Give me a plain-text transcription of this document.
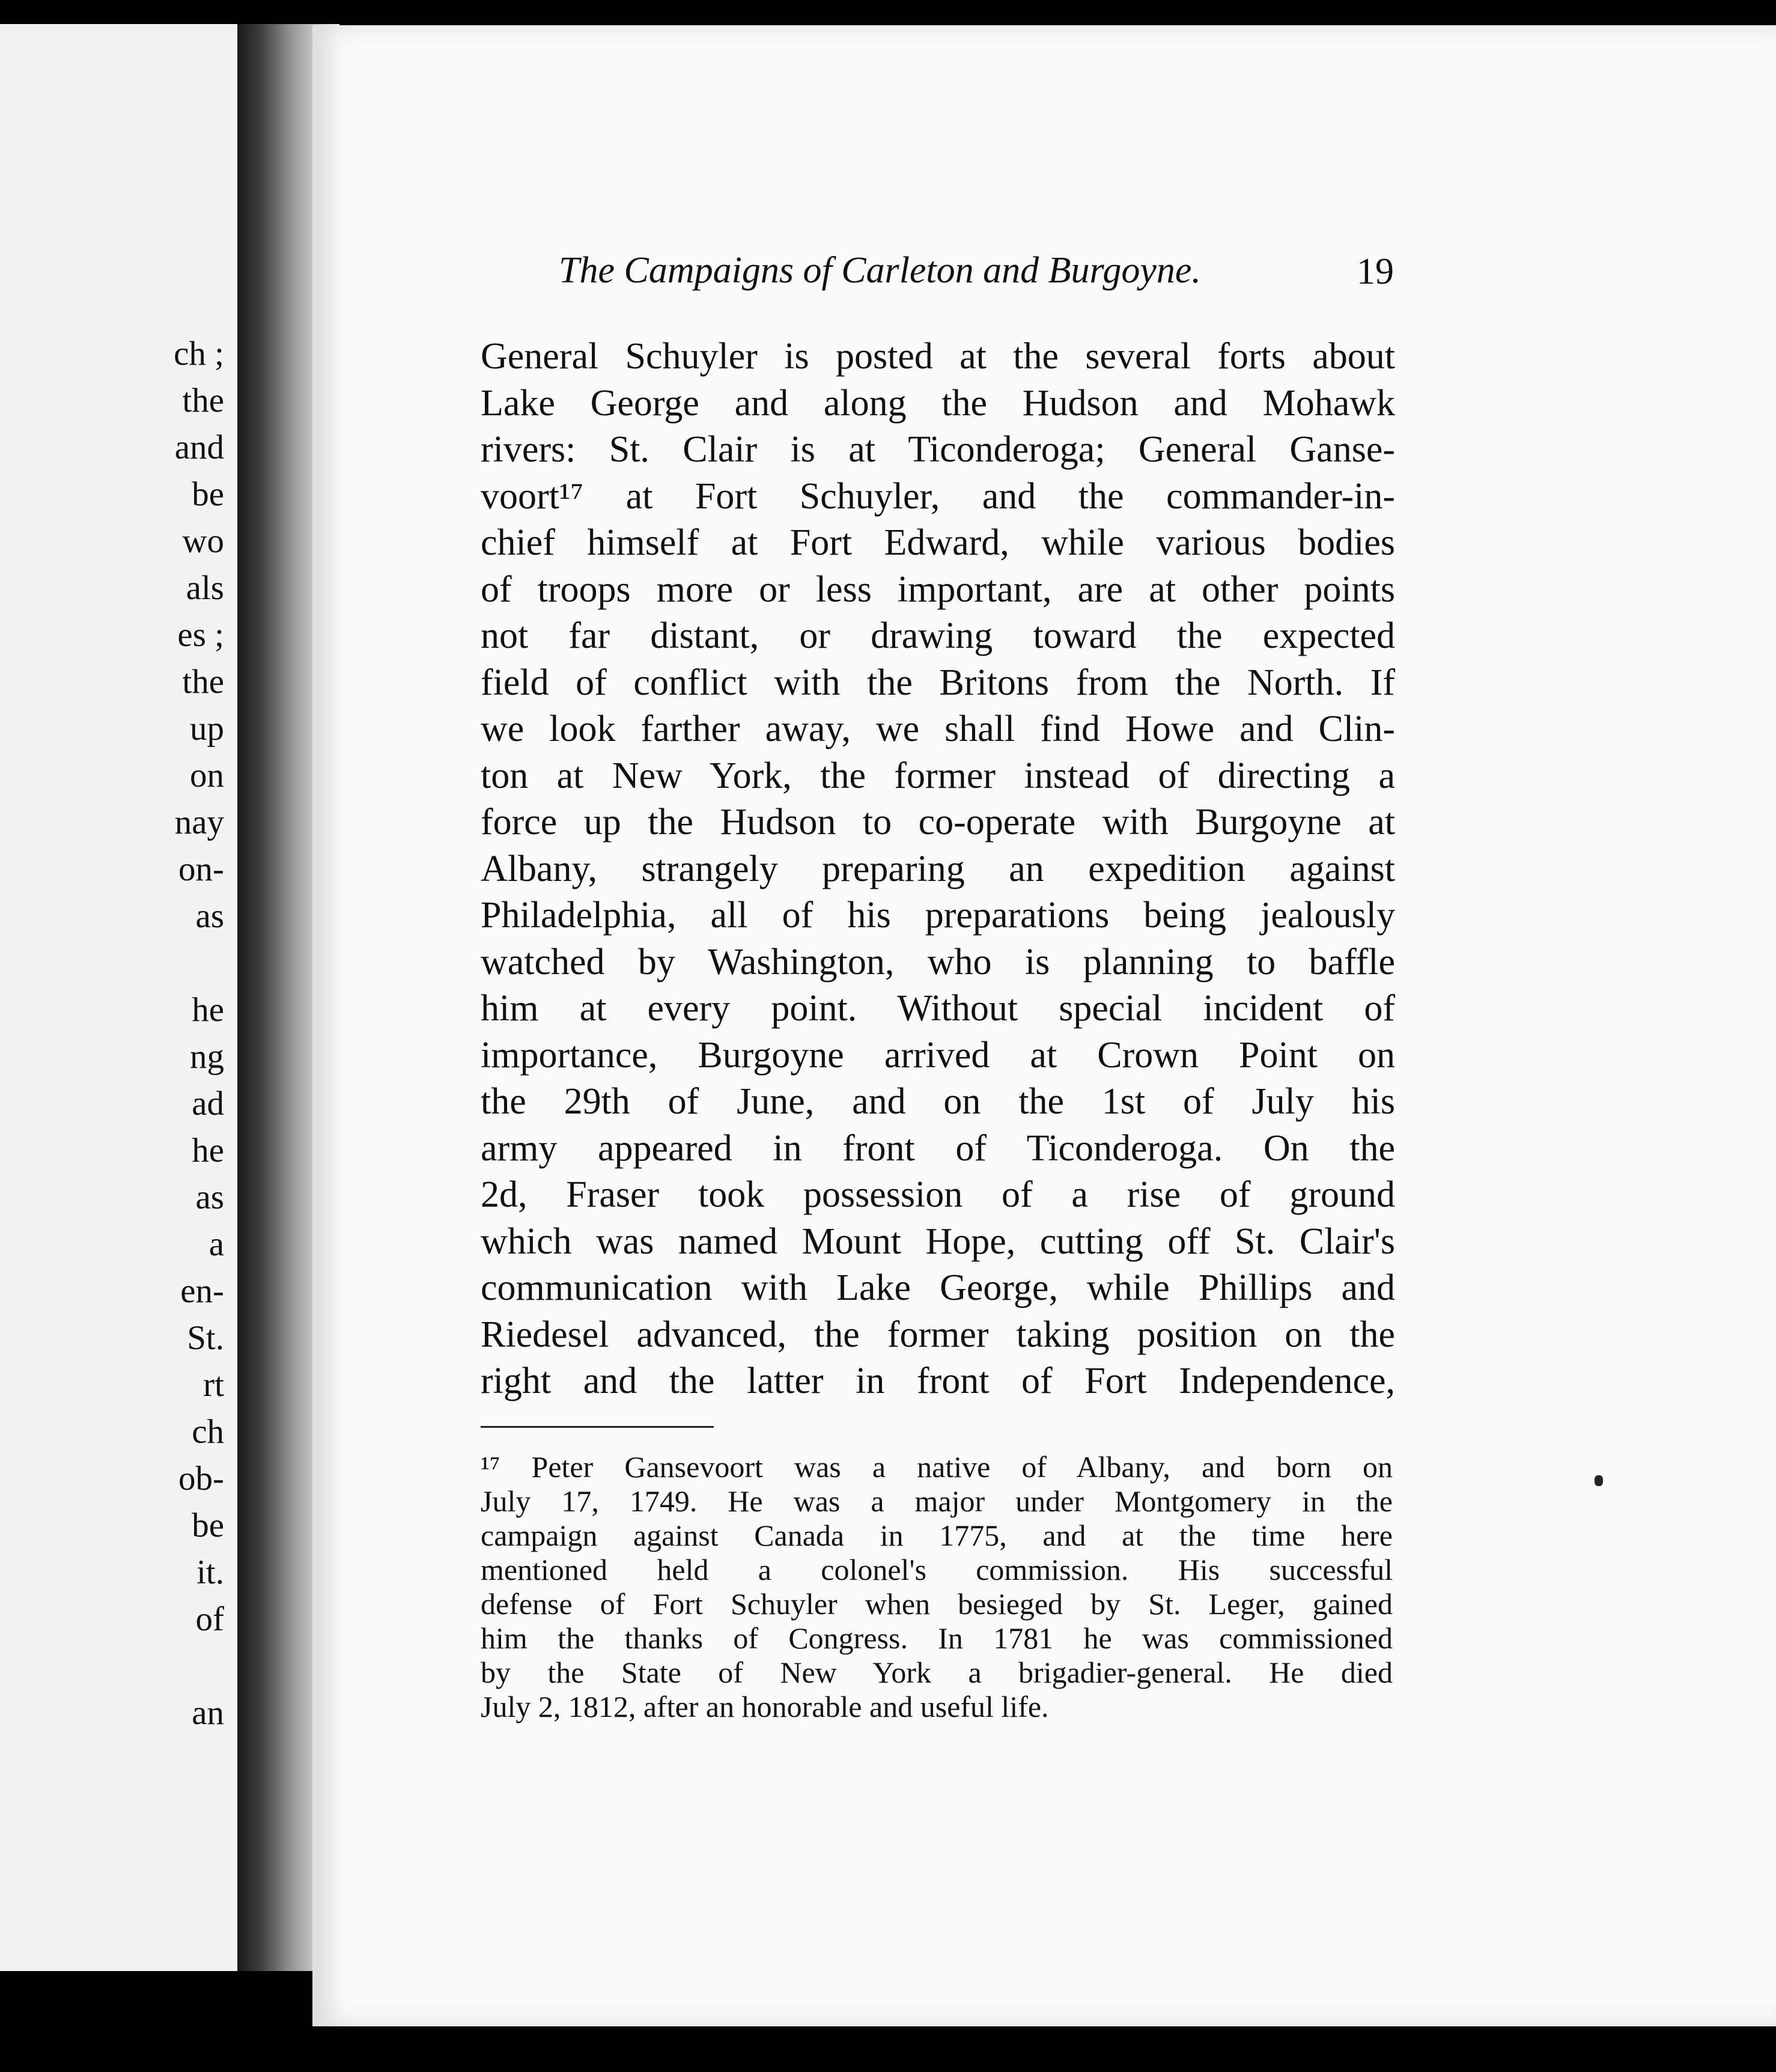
ch ;

the

and

be

wo

als

es ;

the

up

on

nay

on-

as

he

ng

ad

he

as

a

en-

St.

rt

ch

ob-

be

it.

of

an

The Campaigns of Carleton and Burgoyne.	19

General Schuyler is posted at the several forts about

Lake George and along the Hudson and Mohawk

rivers: St. Clair is at Ticonderoga; General Ganse-

voort¹⁷ at Fort Schuyler, and the commander-in-

chief himself at Fort Edward, while various bodies

of troops more or less important, are at other points

not far distant, or drawing toward the expected

field of conflict with the Britons from the North. If

we look farther away, we shall find Howe and Clin-

ton at New York, the former instead of directing a

force up the Hudson to co-operate with Burgoyne at

Albany, strangely preparing an expedition against

Philadelphia, all of his preparations being jealously

watched by Washington, who is planning to baffle

him at every point. Without special incident of

importance, Burgoyne arrived at Crown Point on

the 29th of June, and on the 1st of July his

army appeared in front of Ticonderoga. On the

2d, Fraser took possession of a rise of ground

which was named Mount Hope, cutting off St. Clair's

communication with Lake George, while Phillips and

Riedesel advanced, the former taking position on the

right and the latter in front of Fort Independence,

¹⁷ Peter Gansevoort was a native of Albany, and born on

July 17, 1749. He was a major under Montgomery in the

campaign against Canada in 1775, and at the time here

mentioned held a colonel's commission. His successful

defense of Fort Schuyler when besieged by St. Leger, gained

him the thanks of Congress. In 1781 he was commissioned

by the State of New York a brigadier-general. He died

July 2, 1812, after an honorable and useful life.
